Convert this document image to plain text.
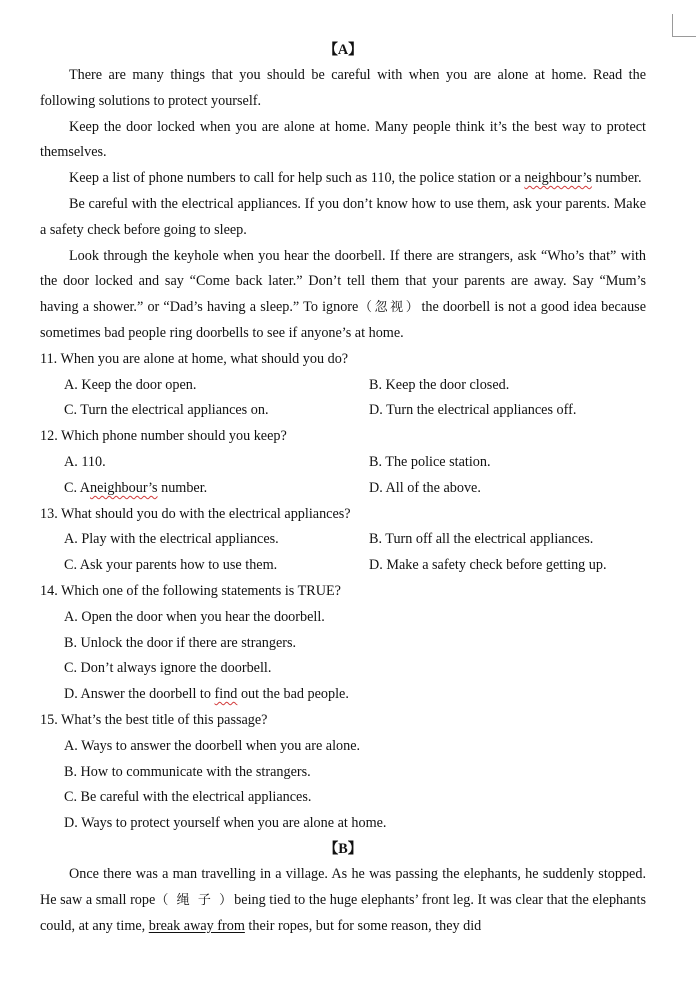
【A】
There are many things that you should be careful with when you are alone at home. Read the following solutions to protect yourself.
Keep the door locked when you are alone at home. Many people think it’s the best way to protect themselves.
Keep a list of phone numbers to call for help such as 110, the police station or a neighbour’s number.
Be careful with the electrical appliances. If you don’t know how to use them, ask your parents. Make a safety check before going to sleep.
Look through the keyhole when you hear the doorbell. If there are strangers, ask “Who’s that” with the door locked and say “Come back later.” Don’t tell them that your parents are away. Say “Mum’s having a shower.” or “Dad’s having a sleep.” To ignore（忽视）the doorbell is not a good idea because sometimes bad people ring doorbells to see if anyone’s at home.
11. When you are alone at home, what should you do?
A. Keep the door open.	B. Keep the door closed.
C. Turn the electrical appliances on.	D. Turn the electrical appliances off.
12. Which phone number should you keep?
A. 110.	B. The police station.
C. Aneighbour’s number.	D. All of the above.
13. What should you do with the electrical appliances?
A. Play with the electrical appliances.	B. Turn off all the electrical appliances.
C. Ask your parents how to use them.	D. Make a safety check before getting up.
14. Which one of the following statements is TRUE?
A. Open the door when you hear the doorbell.
B. Unlock the door if there are strangers.
C. Don’t always ignore the doorbell.
D. Answer the doorbell to find out the bad people.
15. What’s the best title of this passage?
A. Ways to answer the doorbell when you are alone.
B. How to communicate with the strangers.
C. Be careful with the electrical appliances.
D. Ways to protect yourself when you are alone at home.
【B】
Once there was a man travelling in a village. As he was passing the elephants, he suddenly stopped. He saw a small rope（ 绳 子 ）being tied to the huge elephants’ front leg. It was clear that the elephants could, at any time, break away from their ropes, but for some reason, they did
